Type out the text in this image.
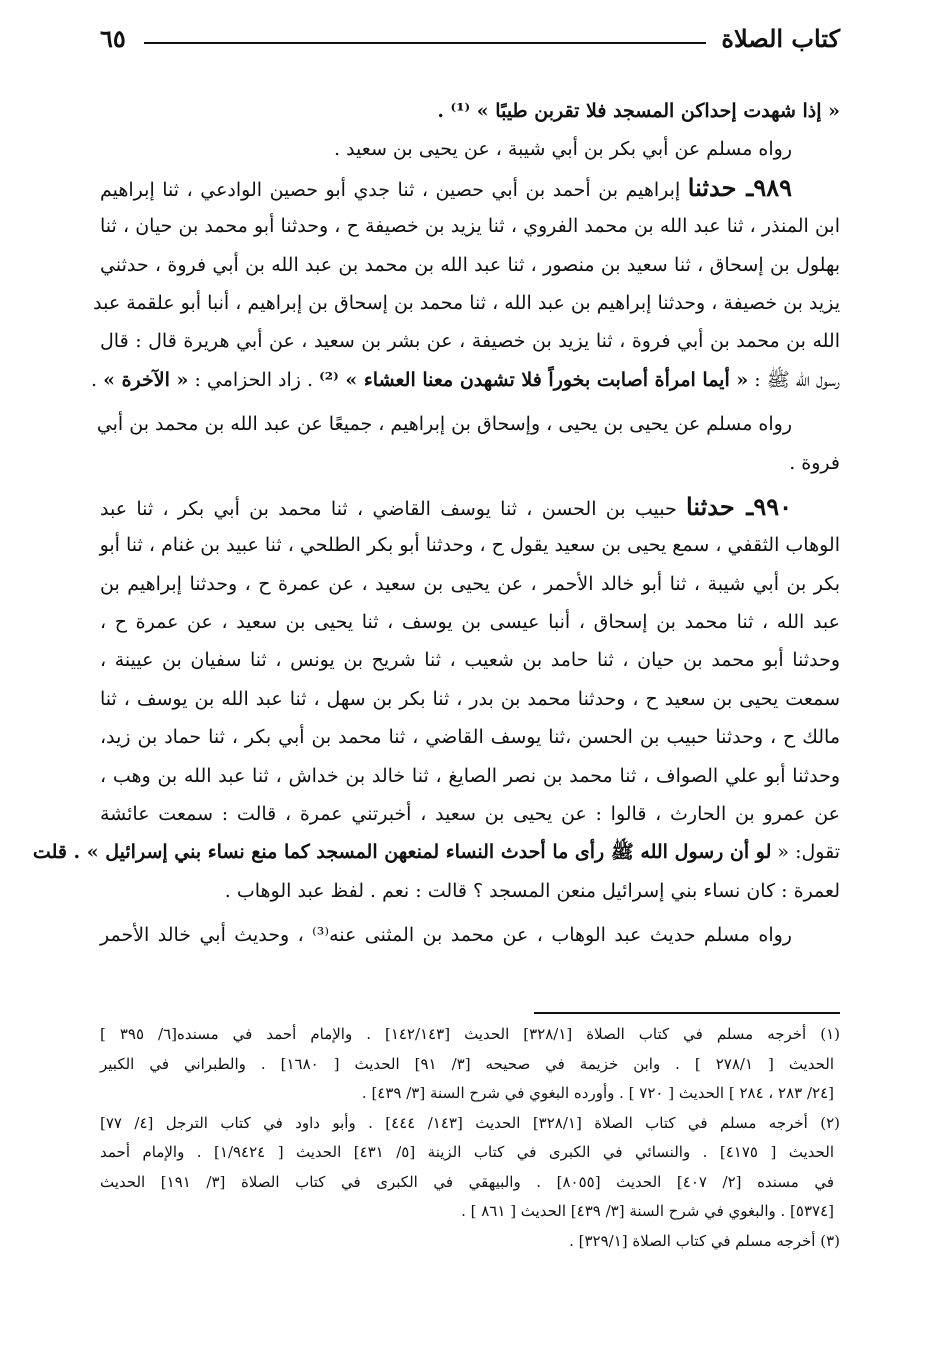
كتاب الصلاة
٦٥
« إذا شهدت إحداكن المسجد فلا تقربن طيبًا » ⁽¹⁾ .
رواه مسلم عن أبي بكر بن أبي شيبة ، عن يحيى بن سعيد .
٩٨٩ـ حدثنا إبراهيم بن أحمد بن أبي حصين ، ثنا جدي أبو حصين الوادعي ، ثنا إبراهيم
ابن المنذر ، ثنا عبد الله بن محمد الفروي ، ثنا يزيد بن خصيفة ح ، وحدثنا أبو محمد بن حيان ، ثنا
بهلول بن إسحاق ، ثنا سعيد بن منصور ، ثنا عبد الله بن محمد بن عبد الله بن أبي فروة ، حدثني
يزيد بن خصيفة ، وحدثنا إبراهيم بن عبد الله ، ثنا محمد بن إسحاق بن إبراهيم ، أنبا أبو علقمة عبد
الله بن محمد بن أبي فروة ، ثنا يزيد بن خصيفة ، عن بشر بن سعيد ، عن أبي هريرة قال : قال
رسول الله ﷺ : « أيما امرأة أصابت بخوراً فلا تشهدن معنا العشاء » ⁽²⁾ . زاد الحزامي : « الآخرة » .
رواه مسلم عن يحيى بن يحيى ، وإسحاق بن إبراهيم ، جميعًا عن عبد الله بن محمد بن أبي
فروة .
٩٩٠ـ حدثنا حبيب بن الحسن ، ثنا يوسف القاضي ، ثنا محمد بن أبي بكر ، ثنا عبد
الوهاب الثقفي ، سمع يحيى بن سعيد يقول ح ، وحدثنا أبو بكر الطلحي ، ثنا عبيد بن غنام ، ثنا أبو
بكر بن أبي شيبة ، ثنا أبو خالد الأحمر ، عن يحيى بن سعيد ، عن عمرة ح ، وحدثنا إبراهيم بن
عبد الله ، ثنا محمد بن إسحاق ، أنبا عيسى بن يوسف ، ثنا يحيى بن سعيد ، عن عمرة ح ،
وحدثنا أبو محمد بن حيان ، ثنا حامد بن شعيب ، ثنا شريح بن يونس ، ثنا سفيان بن عيينة ،
سمعت يحيى بن سعيد ح ، وحدثنا محمد بن بدر ، ثنا بكر بن سهل ، ثنا عبد الله بن يوسف ، ثنا
مالك ح ، وحدثنا حبيب بن الحسن ،ثنا يوسف القاضي ، ثنا محمد بن أبي بكر ، ثنا حماد بن زيد،
وحدثنا أبو علي الصواف ، ثنا محمد بن نصر الصايغ ، ثنا خالد بن خداش ، ثنا عبد الله بن وهب ،
عن عمرو بن الحارث ، قالوا : عن يحيى بن سعيد ، أخبرتني عمرة ، قالت : سمعت عائشة
تقول: « لو أن رسول الله ﷺ رأى ما أحدث النساء لمنعهن المسجد كما منع نساء بني إسرائيل » . قلت
لعمرة : كان نساء بني إسرائيل منعن المسجد ؟ قالت : نعم . لفظ عبد الوهاب .
رواه مسلم حديث عبد الوهاب ، عن محمد بن المثنى عنه⁽³⁾ ، وحديث أبي خالد الأحمر
(١) أخرجه مسلم في كتاب الصلاة [٣٢٨/١] الحديث [١٤٢/١٤٣] . والإمام أحمد في مسنده[٦/ ٣٩٥ ]
الحديث [ ٢٧٨/١ ] . وابن خزيمة في صحيحه [٣/ ٩١] الحديث [ ١٦٨٠] . والطبراني في الكبير
[٢٤/ ٢٨٣ ، ٢٨٤ ] الحديث [ ٧٢٠ ] . وأورده البغوي في شرح السنة [٣/ ٤٣٩] .
(٢) أخرجه مسلم في كتاب الصلاة [٣٢٨/١] الحديث [١٤٣/ ٤٤٤] . وأبو داود في كتاب الترجل [٤/ ٧٧]
الحديث [ ٤١٧٥] . والنسائي في الكبرى في كتاب الزينة [٥/ ٤٣١] الحديث [ ١/٩٤٢٤] . والإمام أحمد
في مسنده [٢/ ٤٠٧] الحديث [٨٠٥٥] . والبيهقي في الكبرى في كتاب الصلاة [٣/ ١٩١] الحديث
[٥٣٧٤] . والبغوي في شرح السنة [٣/ ٤٣٩] الحديث [ ٨٦١ ] .
(٣) أخرجه مسلم في كتاب الصلاة [٣٢٩/١] .
